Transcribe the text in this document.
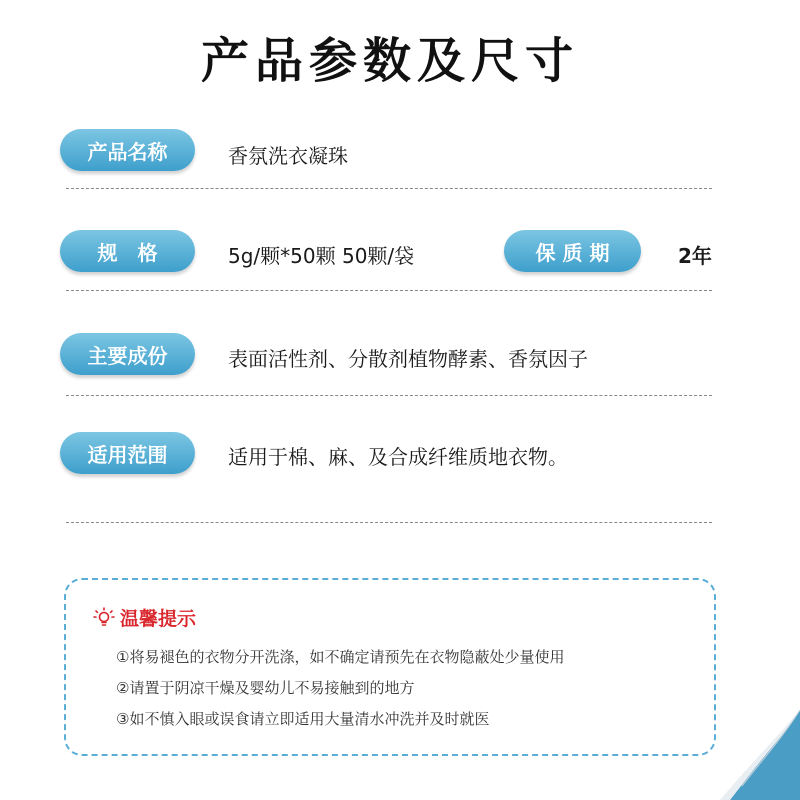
产品参数及尺寸
产品名称	香氛洗衣凝珠
规　格	5g/颗*50颗 50颗/袋	保 质 期	2年
主要成份	表面活性剂、分散剂植物酵素、香氛因子
适用范围	适用于棉、麻、及合成纤维质地衣物。
温馨提示
①将易褪色的衣物分开洗涤，如不确定请预先在衣物隐蔽处少量使用
②请置于阴凉干燥及婴幼儿不易接触到的地方
③如不慎入眼或误食请立即适用大量清水冲洗并及时就医
